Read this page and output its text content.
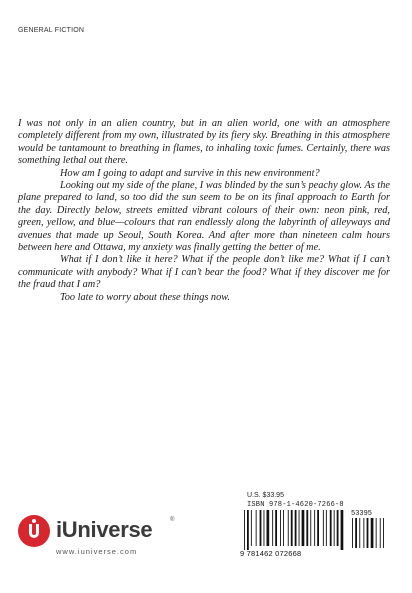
GENERAL FICTION

I was not only in an alien country, but in an alien world, one with an atmosphere completely different from my own, illustrated by its fiery sky. Breathing in this atmosphere would be tantamount to breathing in flames, to inhaling toxic fumes. Certainly, there was something lethal out there.

How am I going to adapt and survive in this new environment?

Looking out my side of the plane, I was blinded by the sun’s peachy glow. As the plane prepared to land, so too did the sun seem to be on its final approach to Earth for the day. Directly below, streets emitted vibrant colours of their own: neon pink, red, green, yellow, and blue—colours that ran endlessly along the labyrinth of alleyways and avenues that made up Seoul, South Korea. And after more than nineteen calm hours between here and Ottawa, my anxiety was finally getting the better of me.

What if I don’t like it here? What if the people don’t like me? What if I can’t communicate with anybody? What if I can’t bear the food? What if they discover me for the fraud that I am?

Too late to worry about these things now.

iUniverse	®
www.iuniverse.com
U.S. $33.95
ISBN 978-1-4620-7266-8
53395
9 781462 072668
